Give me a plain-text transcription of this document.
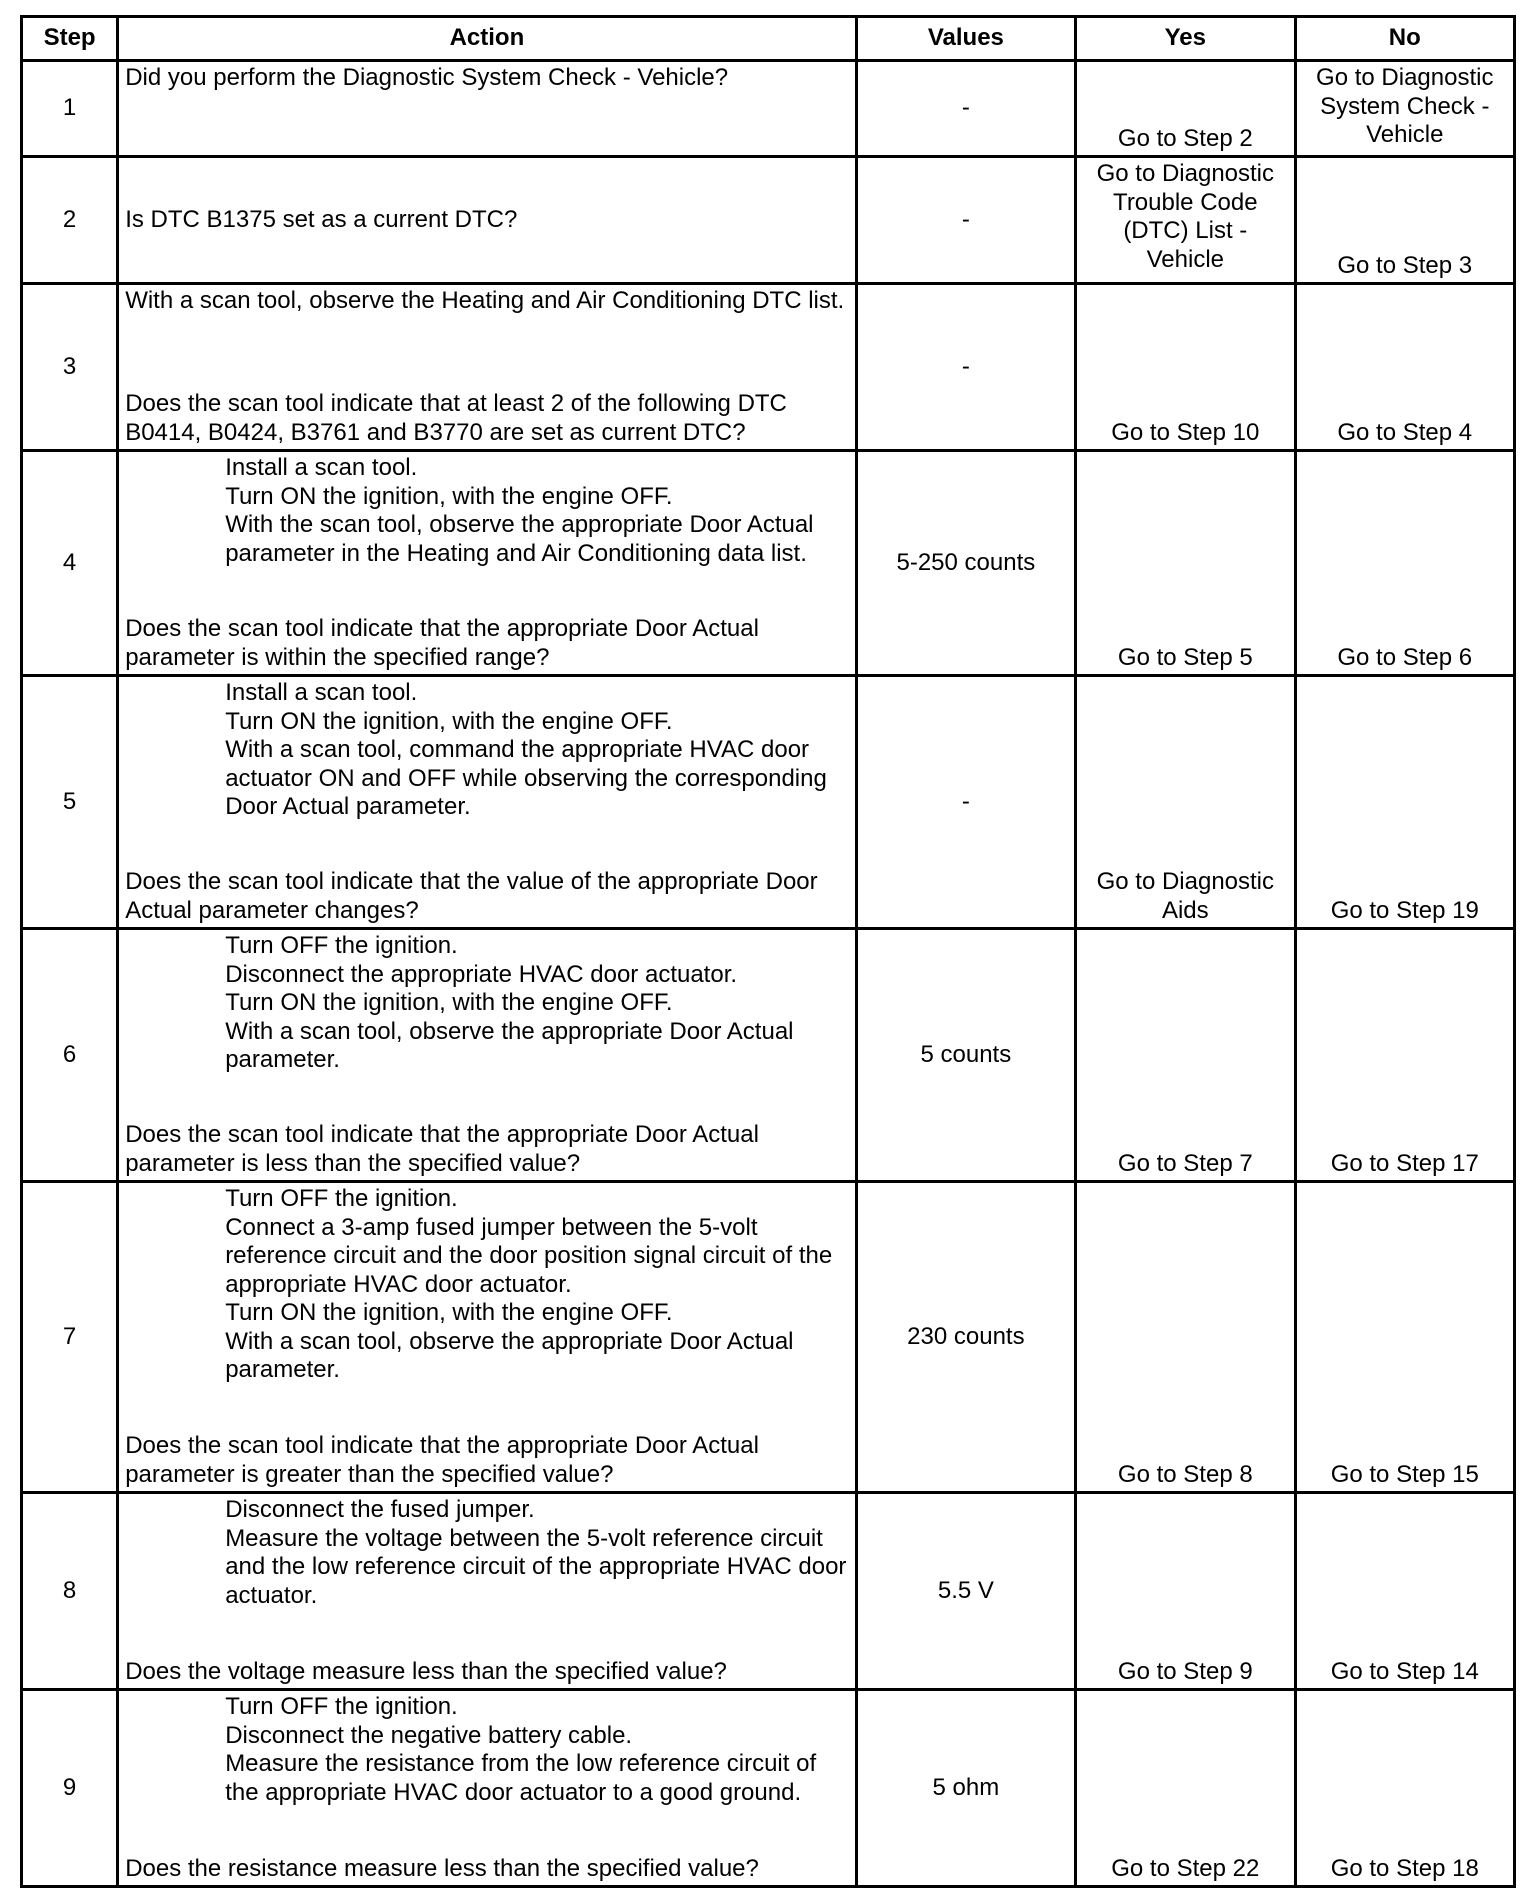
Step	Action	Values	Yes	No
1	Did you perform the Diagnostic System Check - Vehicle?	-	Go to Step 2	Go to Diagnostic System Check - Vehicle
2	Is DTC B1375 set as a current DTC?	-	Go to Diagnostic Trouble Code (DTC) List - Vehicle	Go to Step 3
3	With a scan tool, observe the Heating and Air Conditioning DTC list.
Does the scan tool indicate that at least 2 of the following DTC B0414, B0424, B3761 and B3770 are set as current DTC?	-	Go to Step 10	Go to Step 4
4	Install a scan tool.
Turn ON the ignition, with the engine OFF.
With the scan tool, observe the appropriate Door Actual parameter in the Heating and Air Conditioning data list.
Does the scan tool indicate that the appropriate Door Actual parameter is within the specified range?	5-250 counts	Go to Step 5	Go to Step 6
5	Install a scan tool.
Turn ON the ignition, with the engine OFF.
With a scan tool, command the appropriate HVAC door actuator ON and OFF while observing the corresponding Door Actual parameter.
Does the scan tool indicate that the value of the appropriate Door Actual parameter changes?	-	Go to Diagnostic Aids	Go to Step 19
6	Turn OFF the ignition.
Disconnect the appropriate HVAC door actuator.
Turn ON the ignition, with the engine OFF.
With a scan tool, observe the appropriate Door Actual parameter.
Does the scan tool indicate that the appropriate Door Actual parameter is less than the specified value?	5 counts	Go to Step 7	Go to Step 17
7	Turn OFF the ignition.
Connect a 3-amp fused jumper between the 5-volt reference circuit and the door position signal circuit of the appropriate HVAC door actuator.
Turn ON the ignition, with the engine OFF.
With a scan tool, observe the appropriate Door Actual parameter.
Does the scan tool indicate that the appropriate Door Actual parameter is greater than the specified value?	230 counts	Go to Step 8	Go to Step 15
8	Disconnect the fused jumper.
Measure the voltage between the 5-volt reference circuit and the low reference circuit of the appropriate HVAC door actuator.
Does the voltage measure less than the specified value?	5.5 V	Go to Step 9	Go to Step 14
9	Turn OFF the ignition.
Disconnect the negative battery cable.
Measure the resistance from the low reference circuit of the appropriate HVAC door actuator to a good ground.
Does the resistance measure less than the specified value?	5 ohm	Go to Step 22	Go to Step 18
